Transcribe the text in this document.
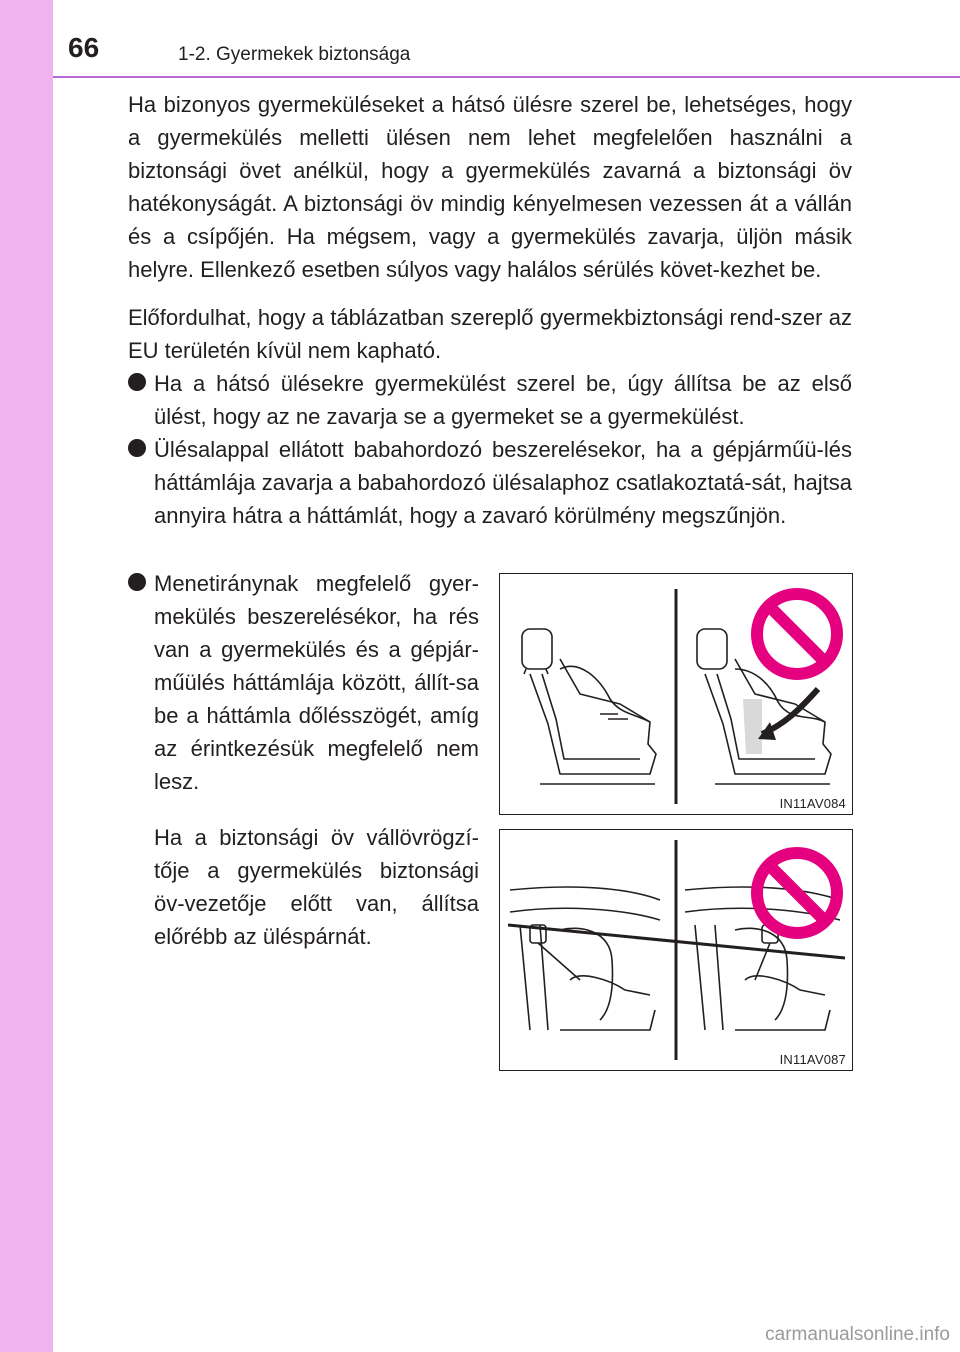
66	1-2. Gyermekek biztonsága

Ha bizonyos gyermeküléseket a hátsó ülésre szerel be, lehetséges, hogy a gyermekülés melletti ülésen nem lehet megfelelően használni a biztonsági övet anélkül, hogy a gyermekülés zavarná a biztonsági öv hatékonyságát. A biztonsági öv mindig kényelmesen vezessen át a vállán és a csípőjén. Ha mégsem, vagy a gyermekülés zavarja, üljön másik helyre. Ellenkező esetben súlyos vagy halálos sérülés követ-kezhet be.

Előfordulhat, hogy a táblázatban szereplő gyermekbiztonsági rend-szer az EU területén kívül nem kapható.

Ha a hátsó ülésekre gyermekülést szerel be, úgy állítsa be az első ülést, hogy az ne zavarja se a gyermeket se a gyermekülést.

Ülésalappal ellátott babahordozó beszerelésekor, ha a gépjárműü-lés háttámlája zavarja a babahordozó ülésalaphoz csatlakoztatá-sát, hajtsa annyira hátra a háttámlát, hogy a zavaró körülmény megszűnjön.

Menetiránynak megfelelő gyer-mekülés beszerelésékor, ha rés van a gyermekülés és a gépjár-műülés háttámlája között, állít-sa be a háttámla dőlésszögét, amíg az érintkezésük megfelelő nem lesz.

Ha a biztonsági öv vállövrögzí-tője a gyermekülés biztonsági öv-vezetője előtt van, állítsa előrébb az üléspárnát.

IN11AV084
IN11AV087
carmanualsonline.info
